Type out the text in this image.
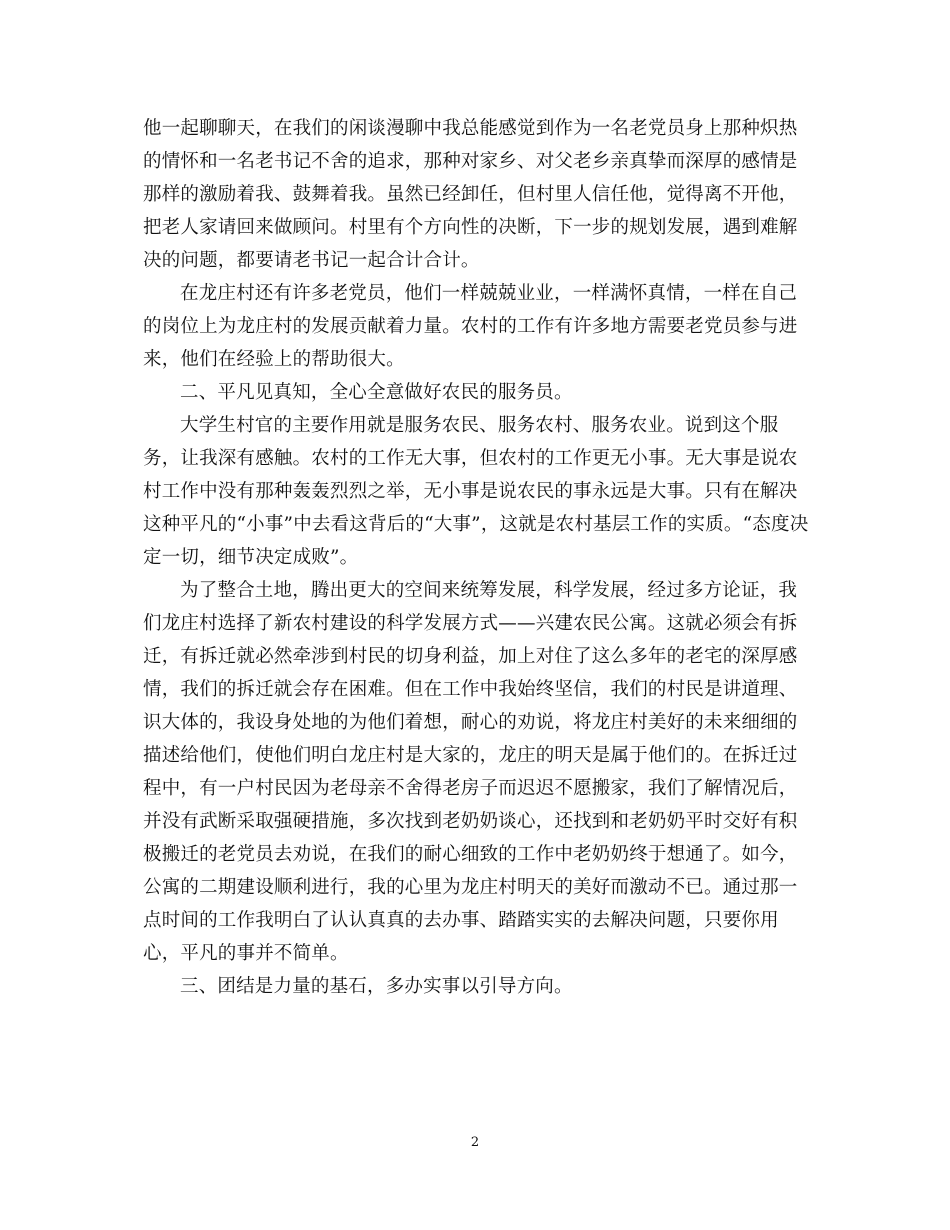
他一起聊聊天，在我们的闲谈漫聊中我总能感觉到作为一名老党员身上那种炽热
的情怀和一名老书记不舍的追求，那种对家乡、对父老乡亲真挚而深厚的感情是
那样的激励着我、鼓舞着我。虽然已经卸任，但村里人信任他，觉得离不开他，
把老人家请回来做顾问。村里有个方向性的决断，下一步的规划发展，遇到难解
决的问题，都要请老书记一起合计合计。
在龙庄村还有许多老党员，他们一样兢兢业业，一样满怀真情，一样在自己
的岗位上为龙庄村的发展贡献着力量。农村的工作有许多地方需要老党员参与进
来，他们在经验上的帮助很大。
二、平凡见真知，全心全意做好农民的服务员。
大学生村官的主要作用就是服务农民、服务农村、服务农业。说到这个服
务，让我深有感触。农村的工作无大事，但农村的工作更无小事。无大事是说农
村工作中没有那种轰轰烈烈之举，无小事是说农民的事永远是大事。只有在解决
这种平凡的“小事”中去看这背后的“大事”，这就是农村基层工作的实质。“态度决
定一切，细节决定成败”。
为了整合土地，腾出更大的空间来统筹发展，科学发展，经过多方论证，我
们龙庄村选择了新农村建设的科学发展方式——兴建农民公寓。这就必须会有拆
迁，有拆迁就必然牵涉到村民的切身利益，加上对住了这么多年的老宅的深厚感
情，我们的拆迁就会存在困难。但在工作中我始终坚信，我们的村民是讲道理、
识大体的，我设身处地的为他们着想，耐心的劝说，将龙庄村美好的未来细细的
描述给他们，使他们明白龙庄村是大家的，龙庄的明天是属于他们的。在拆迁过
程中，有一户村民因为老母亲不舍得老房子而迟迟不愿搬家，我们了解情况后，
并没有武断采取强硬措施，多次找到老奶奶谈心，还找到和老奶奶平时交好有积
极搬迁的老党员去劝说，在我们的耐心细致的工作中老奶奶终于想通了。如今，
公寓的二期建设顺利进行，我的心里为龙庄村明天的美好而激动不已。通过那一
点时间的工作我明白了认认真真的去办事、踏踏实实的去解决问题，只要你用
心，平凡的事并不简单。
三、团结是力量的基石，多办实事以引导方向。
2
